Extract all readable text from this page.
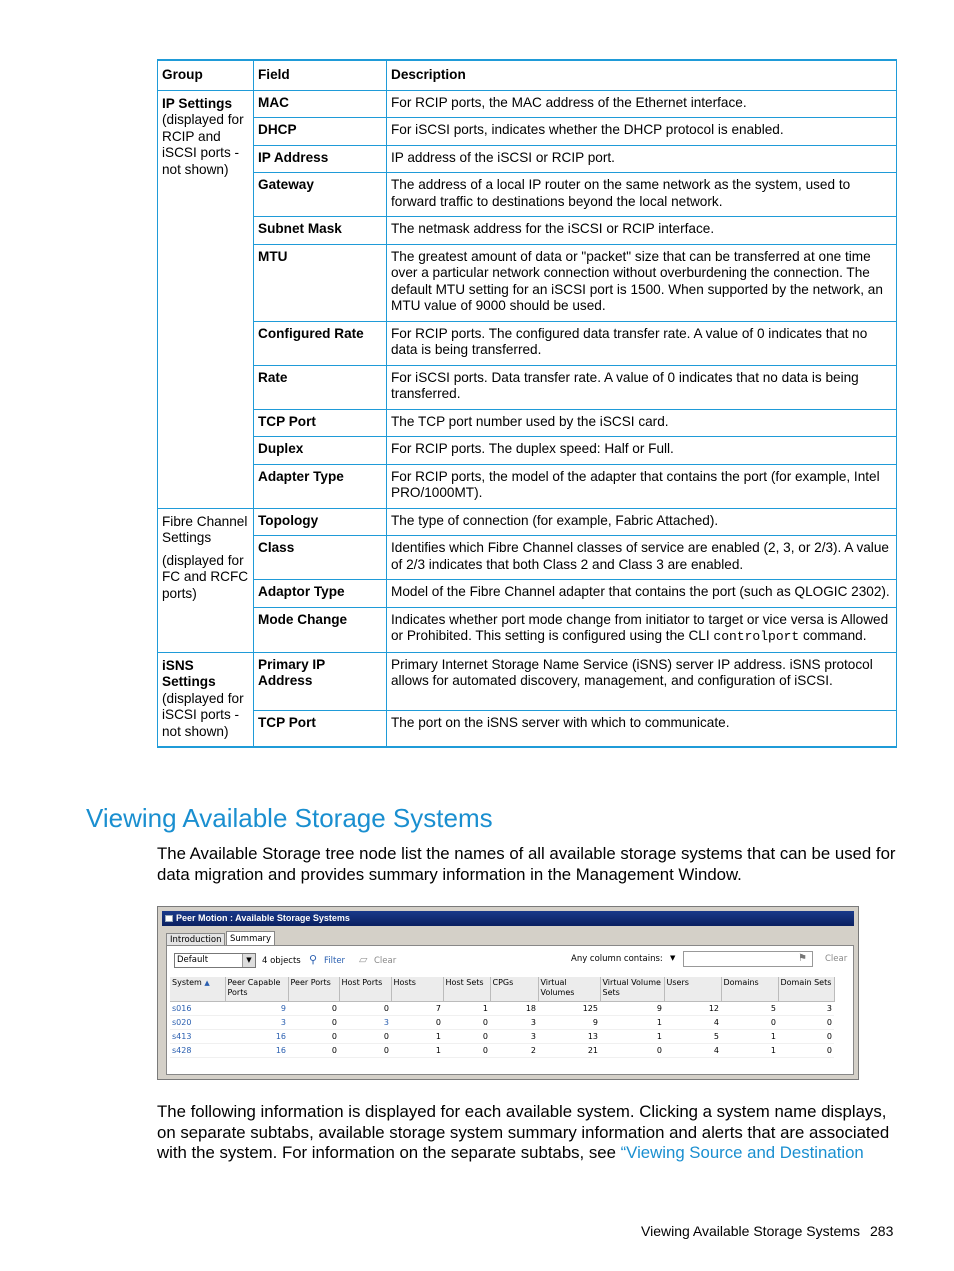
Group	Field	Description

IP Settings
(displayed for RCIP and iSCSI ports - not shown)	MAC	For RCIP ports, the MAC address of the Ethernet interface.
	DHCP	For iSCSI ports, indicates whether the DHCP protocol is enabled.
	IP Address	IP address of the iSCSI or RCIP port.
	Gateway	The address of a local IP router on the same network as the system, used to forward traffic to destinations beyond the local network.
	Subnet Mask	The netmask address for the iSCSI or RCIP interface.
	MTU	The greatest amount of data or "packet" size that can be transferred at one time over a particular network connection without overburdening the connection. The default MTU setting for an iSCSI port is 1500. When supported by the network, an MTU value of 9000 should be used.
	Configured Rate	For RCIP ports. The configured data transfer rate. A value of 0 indicates that no data is being transferred.
	Rate	For iSCSI ports. Data transfer rate. A value of 0 indicates that no data is being transferred.
	TCP Port	The TCP port number used by the iSCSI card.
	Duplex	For RCIP ports. The duplex speed: Half or Full.
	Adapter Type	For RCIP ports, the model of the adapter that contains the port (for example, Intel PRO/1000MT).
Fibre Channel Settings
(displayed for FC and RCFC ports)	Topology	The type of connection (for example, Fabric Attached).
	Class	Identifies which Fibre Channel classes of service are enabled (2, 3, or 2/3). A value of 2/3 indicates that both Class 2 and Class 3 are enabled.
	Adaptor Type	Model of the Fibre Channel adapter that contains the port (such as QLOGIC 2302).
	Mode Change	Indicates whether port mode change from initiator to target or vice versa is Allowed or Prohibited. This setting is configured using the CLI controlport command.

iSNS Settings
(displayed for iSCSI ports - not shown)	Primary IP Address	Primary Internet Storage Name Service (iSNS) server IP address. iSNS protocol allows for automated discovery, management, and configuration of iSCSI.
	TCP Port	The port on the iSNS server with which to communicate.
Viewing Available Storage Systems

The Available Storage tree node list the names of all available storage systems that can be used for data migration and provides summary information in the Management Window.

Peer Motion : Available Storage Systems
Introduction	Summary
Default	▼	4 objects ⚲ Filter ▱ Clear	Any column contains: ▼	⚑ Clear
System ▲	Peer Capable Ports	Peer Ports	Host Ports	Hosts	Host Sets	CPGs	Virtual Volumes	Virtual Volume Sets	Users	Domains	Domain Sets
s016	9	0	0	7	1	18	125	9	12	5	3
s020	3	0	3	0	0	3	9	1	4	0	0
s413	16	0	0	1	0	3	13	1	5	1	0
s428	16	0	0	1	0	2	21	0	4	1	0

The following information is displayed for each available system. Clicking a system name displays, on separate subtabs, available storage system summary information and alerts that are associated with the system. For information on the separate subtabs, see “Viewing Source and Destination

Viewing Available Storage Systems 283
